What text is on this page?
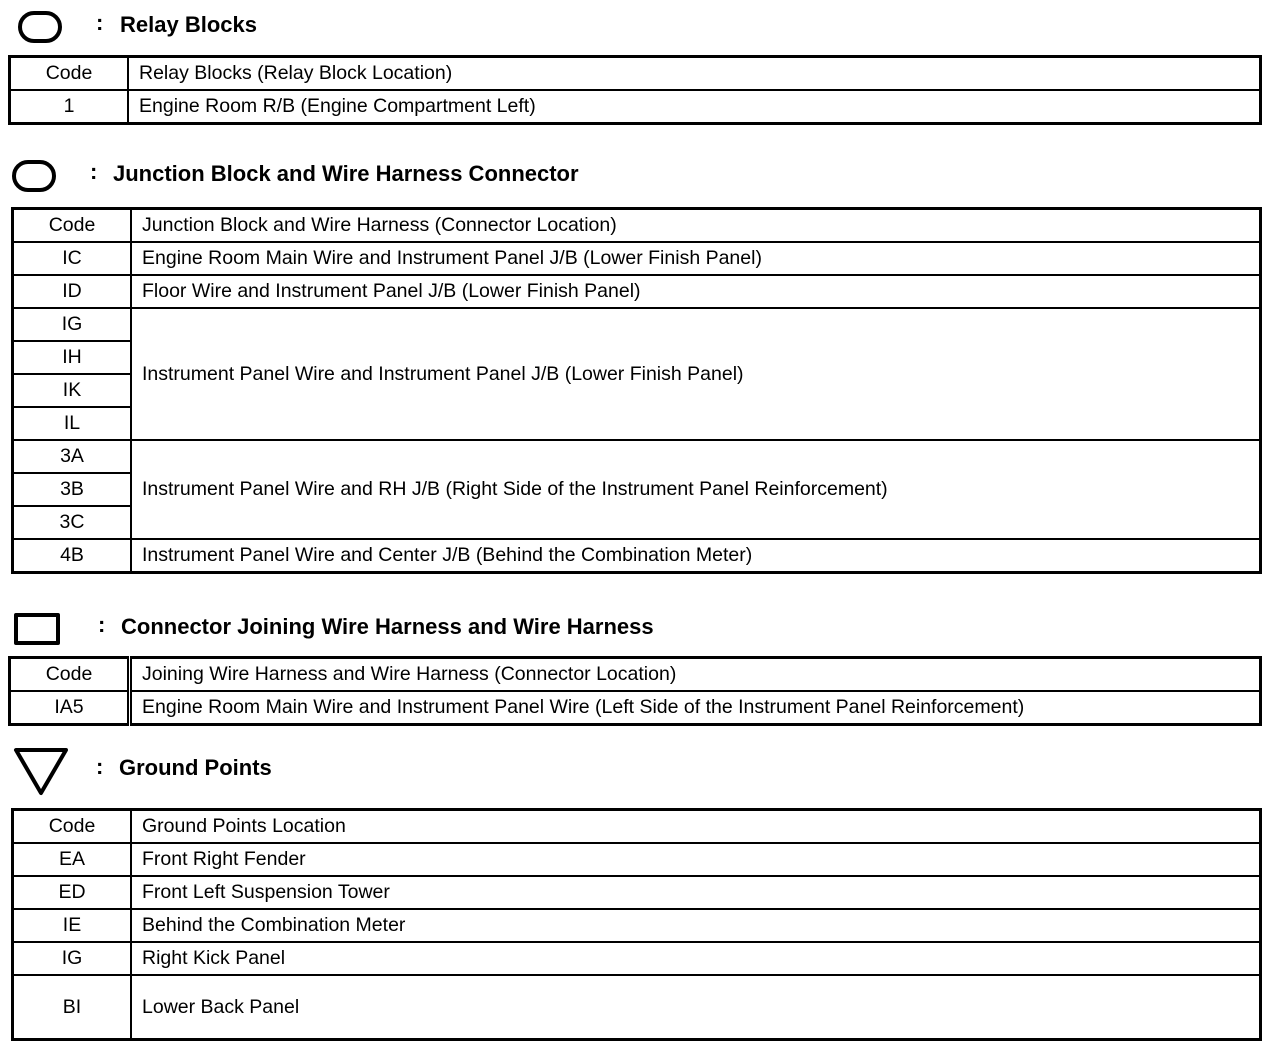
: Relay Blocks
Code	Relay Blocks (Relay Block Location)
1	Engine Room R/B (Engine Compartment Left)
: Junction Block and Wire Harness Connector
Code	Junction Block and Wire Harness (Connector Location)
IC	Engine Room Main Wire and Instrument Panel J/B (Lower Finish Panel)
ID	Floor Wire and Instrument Panel J/B (Lower Finish Panel)
IG	Instrument Panel Wire and Instrument Panel J/B (Lower Finish Panel)
IH	
IK	
IL	
3A	Instrument Panel Wire and RH J/B (Right Side of the Instrument Panel Reinforcement)
3B	
3C	
4B	Instrument Panel Wire and Center J/B (Behind the Combination Meter)
: Connector Joining Wire Harness and Wire Harness
Code	Joining Wire Harness and Wire Harness (Connector Location)
IA5	Engine Room Main Wire and Instrument Panel Wire (Left Side of the Instrument Panel Reinforcement)
: Ground Points
Code	Ground Points Location
EA	Front Right Fender
ED	Front Left Suspension Tower
IE	Behind the Combination Meter
IG	Right Kick Panel
BI	Lower Back Panel
